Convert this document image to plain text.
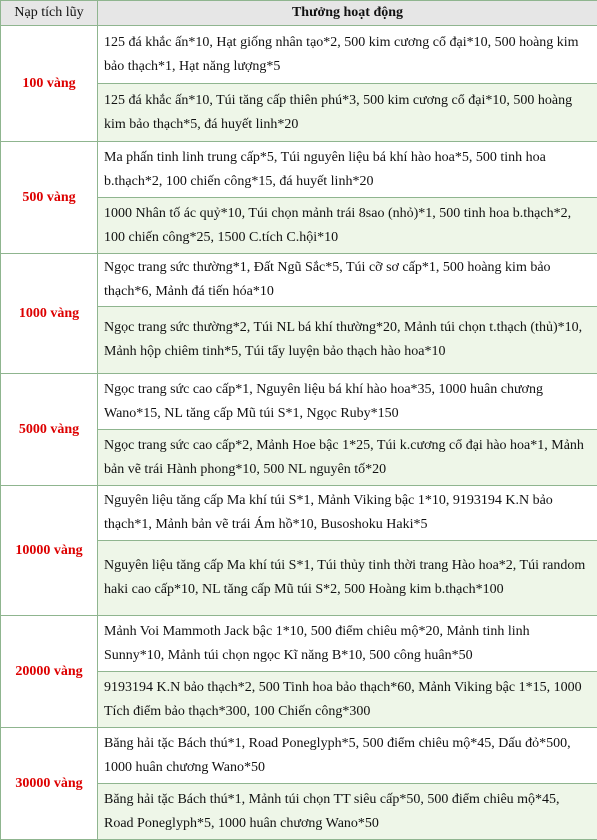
Nạp tích lũy	Thưởng hoạt động
100 vàng	125 đá khắc ấn*10, Hạt giống nhân tạo*2, 500 kim cương cổ đại*10, 500 hoàng kim bảo thạch*1, Hạt năng lượng*5
	125 đá khắc ấn*10, Túi tăng cấp thiên phú*3, 500 kim cương cổ đại*10, 500 hoàng kim bảo thạch*5, đá huyết linh*20
500 vàng	Ma phấn tinh linh trung cấp*5, Túi nguyên liệu bá khí hào hoa*5, 500 tinh hoa b.thạch*2, 100 chiến công*15, đá huyết linh*20
	1000 Nhân tố ác quỷ*10, Túi chọn mảnh trái 8sao (nhỏ)*1, 500 tinh hoa b.thạch*2, 100 chiến công*25, 1500 C.tích C.hội*10
1000 vàng	Ngọc trang sức thường*1, Đất Ngũ Sắc*5, Túi cỡ sơ cấp*1, 500 hoàng kim bảo thạch*6, Mảnh đá tiến hóa*10
	Ngọc trang sức thường*2, Túi NL bá khí thường*20, Mảnh túi chọn t.thạch (thủ)*10, Mảnh hộp chiêm tinh*5, Túi tẩy luyện bảo thạch hào hoa*10
5000 vàng	Ngọc trang sức cao cấp*1, Nguyên liệu bá khí hào hoa*35, 1000 huân chương Wano*15, NL tăng cấp Mũ túi S*1, Ngọc Ruby*150
	Ngọc trang sức cao cấp*2, Mảnh Hoe bậc 1*25, Túi k.cương cổ đại hào hoa*1, Mảnh bản vẽ trái Hành phong*10, 500 NL nguyên tố*20
10000 vàng	Nguyên liệu tăng cấp Ma khí túi S*1, Mảnh Viking bậc 1*10, 9193194 K.N bảo thạch*1, Mảnh bản vẽ trái Ám hồ*10, Busoshoku Haki*5
	Nguyên liệu tăng cấp Ma khí túi S*1, Túi thủy tinh thời trang Hào hoa*2, Túi random haki cao cấp*10, NL tăng cấp Mũ túi S*2, 500 Hoàng kim b.thạch*100
20000 vàng	Mảnh Voi Mammoth Jack bậc 1*10, 500 điểm chiêu mộ*20, Mảnh tinh linh Sunny*10, Mảnh túi chọn ngọc Kĩ năng B*10, 500 công huân*50
	9193194 K.N bảo thạch*2, 500 Tinh hoa bảo thạch*60, Mảnh Viking bậc 1*15, 1000 Tích điểm bảo thạch*300, 100 Chiến công*300
30000 vàng	Băng hải tặc Bách thú*1, Road Poneglyph*5, 500 điểm chiêu mộ*45, Dấu đỏ*500, 1000 huân chương Wano*50
	Băng hải tặc Bách thú*1, Mảnh túi chọn TT siêu cấp*50, 500 điểm chiêu mộ*45, Road Poneglyph*5, 1000 huân chương Wano*50
